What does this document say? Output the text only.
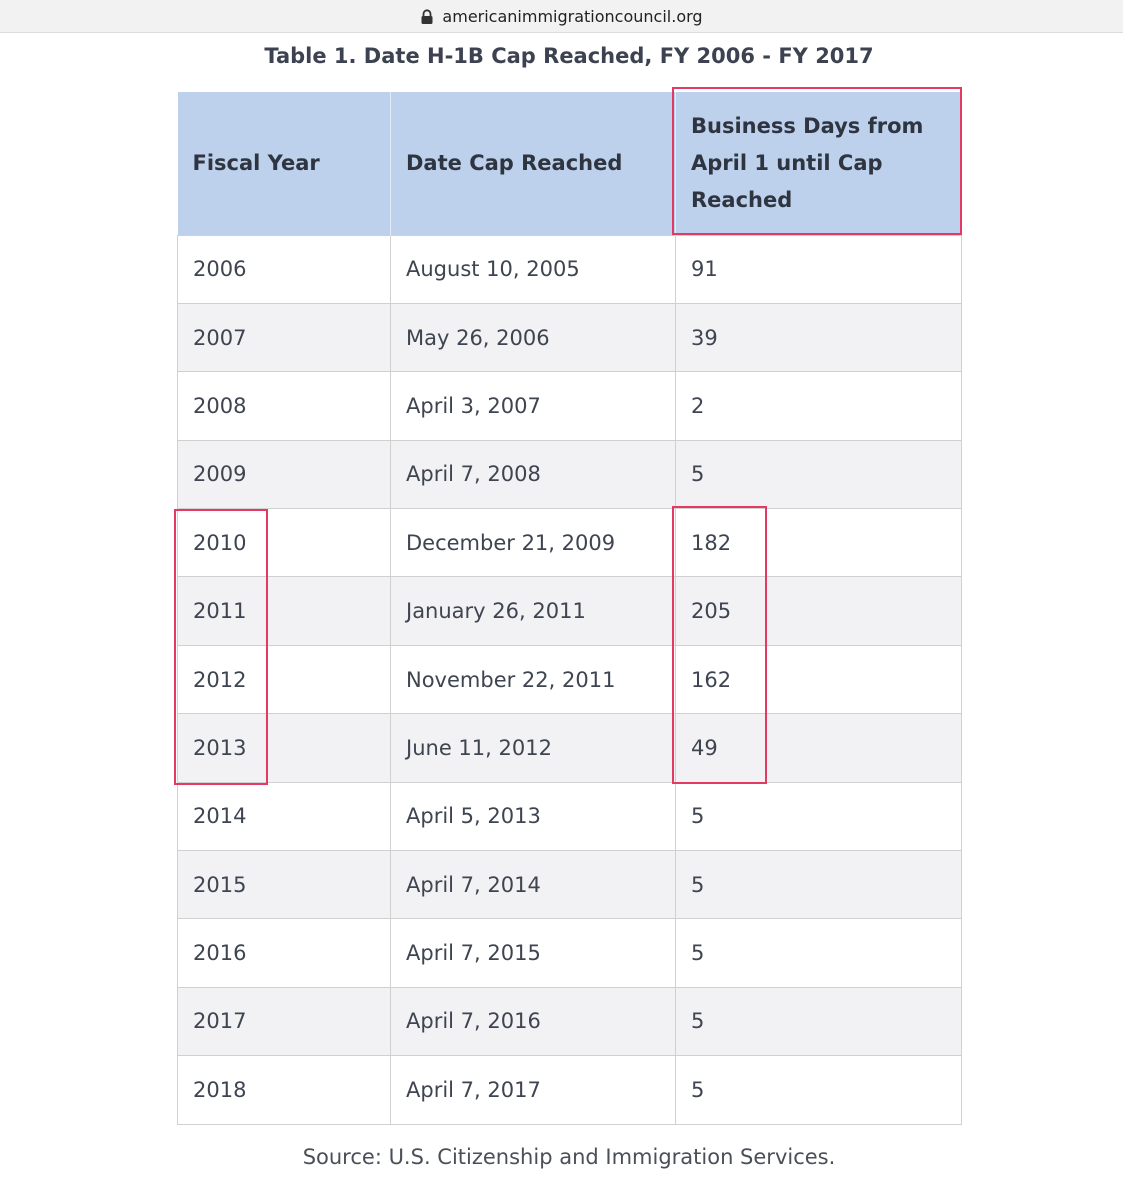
americanimmigrationcouncil.org
Table 1. Date H-1B Cap Reached, FY 2006 - FY 2017
Fiscal Year	Date Cap Reached	Business Days from April 1 until Cap Reached
2006	August 10, 2005	91
2007	May 26, 2006	39
2008	April 3, 2007	2
2009	April 7, 2008	5
2010	December 21, 2009	182
2011	January 26, 2011	205
2012	November 22, 2011	162
2013	June 11, 2012	49
2014	April 5, 2013	5
2015	April 7, 2014	5
2016	April 7, 2015	5
2017	April 7, 2016	5
2018	April 7, 2017	5
Source: U.S. Citizenship and Immigration Services.
